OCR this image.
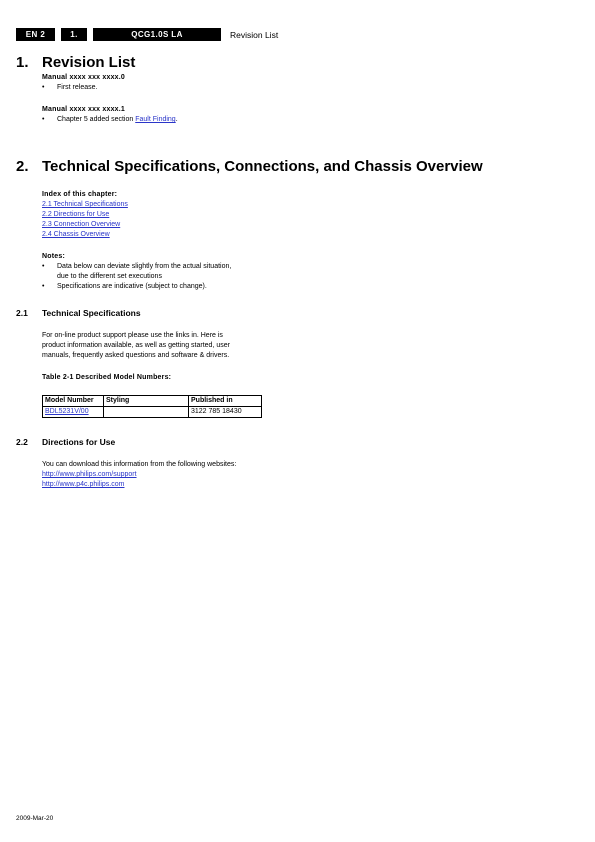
EN 2	1.	QCG1.0S LA	Revision List
1. Revision List
Manual xxxx xxx xxxx.0
•	First release.
Manual xxxx xxx xxxx.1
•	Chapter 5 added section Fault Finding.
2. Technical Specifications, Connections, and Chassis Overview
Index of this chapter:
2.1 Technical Specifications
2.2 Directions for Use
2.3 Connection Overview
2.4 Chassis Overview
Notes:
•	Data below can deviate slightly from the actual situation,
due to the different set executions
•	Specifications are indicative (subject to change).
2.1	Technical Specifications
For on-line product support please use the links in. Here is
product information available, as well as getting started, user
manuals, frequently asked questions and software & drivers.
Table 2-1 Described Model Numbers:
Model Number	Styling	Published in
BDL5231V/00		3122 785 18430
2.2	Directions for Use
You can download this information from the following websites:
http://www.philips.com/support
http://www.p4c.philips.com
2009-Mar-20
